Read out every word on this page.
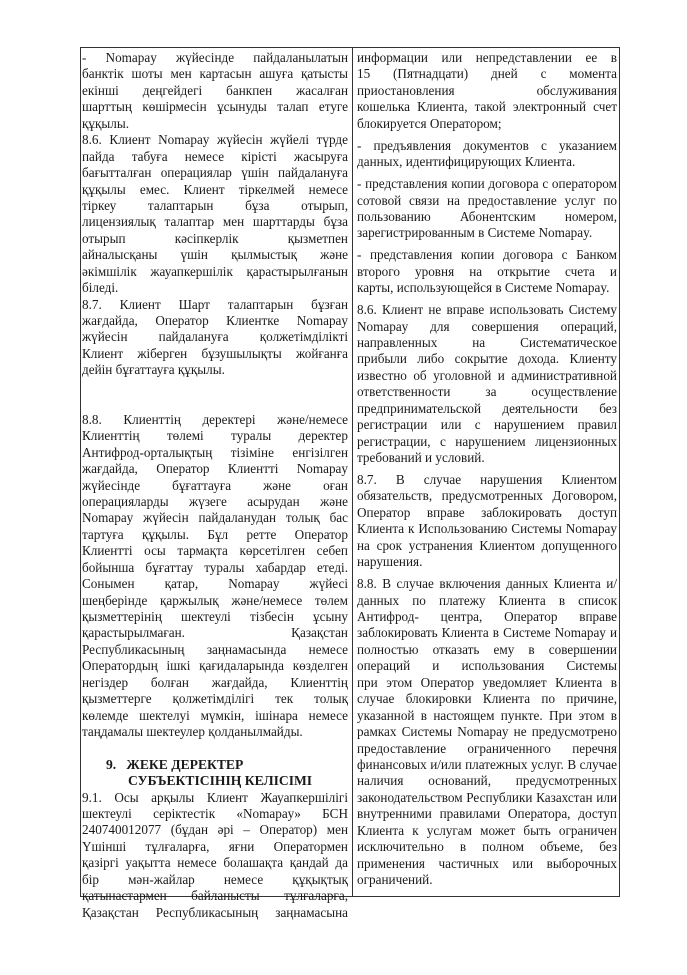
- Nomapay жүйесінде пайдаланылатын
банктік шоты мен картасын ашуға қатысты
екінші деңгейдегі банкпен жасалған
шарттың көшірмесін ұсынуды талап етуге
құқылы.
8.6. Клиент Nomapay жүйесін жүйелі түрде
пайда табуға немесе кірісті жасыруға
бағытталған операциялар үшін пайдалануға
құқылы емес. Клиент тіркелмей немесе
тіркеу талаптарын бұза отырып,
лицензиялық талаптар мен шарттарды бұза
отырып кәсіпкерлік қызметпен
айналысқаны үшін қылмыстық және
әкімшілік жауапкершілік қарастырылғанын
біледі.
8.7. Клиент Шарт талаптарын бұзған
жағдайда, Оператор Клиентке Nomapay
жүйесін пайдалануға қолжетімділікті
Клиент жіберген бұзушылықты жойғанға
дейін бұғаттауға құқылы.
8.8. Клиенттің деректері және/немесе
Клиенттің төлемі туралы деректер
Антифрод-орталықтың тізіміне енгізілген
жағдайда, Оператор Клиентті Nomapay
жүйесінде бұғаттауға және оған
операцияларды жүзеге асырудан және
Nomapay жүйесін пайдаланудан толық бас
тартуға құқылы. Бұл ретте Оператор
Клиентті осы тармақта көрсетілген себеп
бойынша бұғаттау туралы хабардар етеді.
Сонымен қатар, Nomapay жүйесі
шеңберінде қаржылық және/немесе төлем
қызметтерінің шектеулі тізбесін ұсыну
қарастырылмаған. Қазақстан
Республикасының заңнамасында немесе
Оператордың ішкі қағидаларында көзделген
негіздер болған жағдайда, Клиенттің
қызметтерге қолжетімділігі тек толық
көлемде шектелуі мүмкін, ішінара немесе
таңдамалы шектеулер қолданылмайды.
9.   ЖЕКЕ ДЕРЕКТЕР
СУБЪЕКТІСІНІҢ КЕЛІСІМІ
9.1. Осы арқылы Клиент Жауапкершілігі
шектеулі серіктестік «Nomapay» БСН
240740012077 (бұдан әрі – Оператор) мен
Үшінші тұлғаларға, яғни Оператормен
қазіргі уақытта немесе болашақта қандай да
бір мән-жайлар немесе құқықтық
қатынастармен байланысты тұлғаларға,
Қазақстан Республикасының заңнамасына
информации или непредставлении ее в
15 (Пятнадцати) дней с момента
приостановления обслуживания
кошелька Клиента, такой электронный счет
блокируется Оператором;
- предъявления документов с указанием
данных, идентифицирующих Клиента.
- представления копии договора с оператором
сотовой связи на предоставление услуг по
пользованию Абонентским номером,
зарегистрированным в Системе Nomapay.
- представления копии договора с Банком
второго уровня на открытие счета и
карты, использующейся в Системе Nomapay.
8.6. Клиент не вправе использовать Систему
Nomapay для совершения операций,
направленных на Систематическое
прибыли либо сокрытие дохода. Клиенту
известно об уголовной и административной
ответственности за осуществление
предпринимательской деятельности без
регистрации или с нарушением правил
регистрации, с нарушением лицензионных
требований и условий.
8.7. В случае нарушения Клиентом
обязательств, предусмотренных Договором,
Оператор вправе заблокировать доступ
Клиента к Использованию Системы Nomapay
на срок устранения Клиентом допущенного
нарушения.
8.8. В случае включения данных Клиента и/
данных по платежу Клиента в список
Антифрод- центра, Оператор вправе
заблокировать Клиента в Системе Nomapay и
полностью отказать ему в совершении
операций и использования Системы
при этом Оператор уведомляет Клиента в
случае блокировки Клиента по причине,
указанной в настоящем пункте. При этом в
рамках Системы Nomapay не предусмотрено
предоставление ограниченного перечня
финансовых и/или платежных услуг. В случае
наличия оснований, предусмотренных
законодательством Республики Казахстан или
внутренними правилами Оператора, доступ
Клиента к услугам может быть ограничен
исключительно в полном объеме, без
применения частичных или выборочных
ограничений.
